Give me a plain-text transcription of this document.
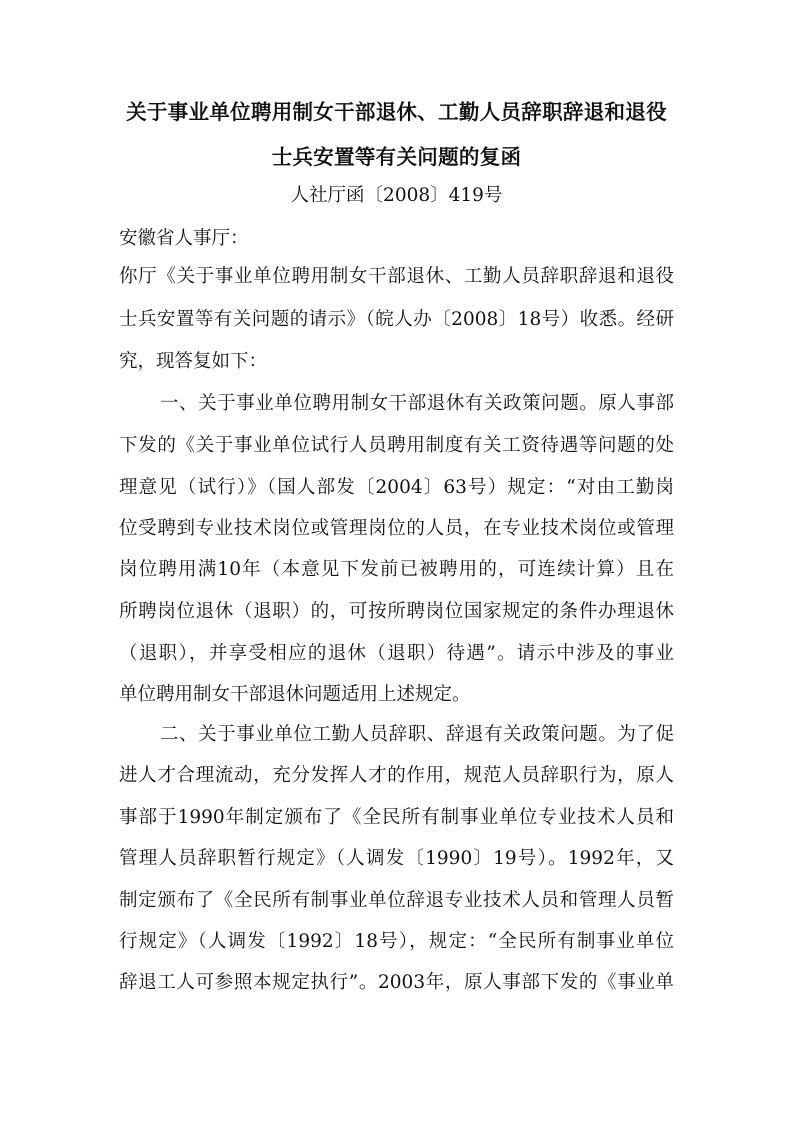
关于事业单位聘用制女干部退休、工勤人员辞职辞退和退役
士兵安置等有关问题的复函
人社厅函〔2008〕419号
安徽省人事厅：
你厅《关于事业单位聘用制女干部退休、工勤人员辞职辞退和退役
士兵安置等有关问题的请示》（皖人办〔2008〕18号）收悉。经研
究，现答复如下：
一、关于事业单位聘用制女干部退休有关政策问题。原人事部
下发的《关于事业单位试行人员聘用制度有关工资待遇等问题的处
理意见（试行）》（国人部发〔2004〕63号）规定：“对由工勤岗
位受聘到专业技术岗位或管理岗位的人员，在专业技术岗位或管理
岗位聘用满10年（本意见下发前已被聘用的，可连续计算）且在
所聘岗位退休（退职）的，可按所聘岗位国家规定的条件办理退休
（退职），并享受相应的退休（退职）待遇”。请示中涉及的事业
单位聘用制女干部退休问题适用上述规定。
二、关于事业单位工勤人员辞职、辞退有关政策问题。为了促
进人才合理流动，充分发挥人才的作用，规范人员辞职行为，原人
事部于1990年制定颁布了《全民所有制事业单位专业技术人员和
管理人员辞职暂行规定》（人调发〔1990〕19号）。1992年，又
制定颁布了《全民所有制事业单位辞退专业技术人员和管理人员暂
行规定》（人调发〔1992〕18号），规定：“全民所有制事业单位
辞退工人可参照本规定执行”。2003年，原人事部下发的《事业单
